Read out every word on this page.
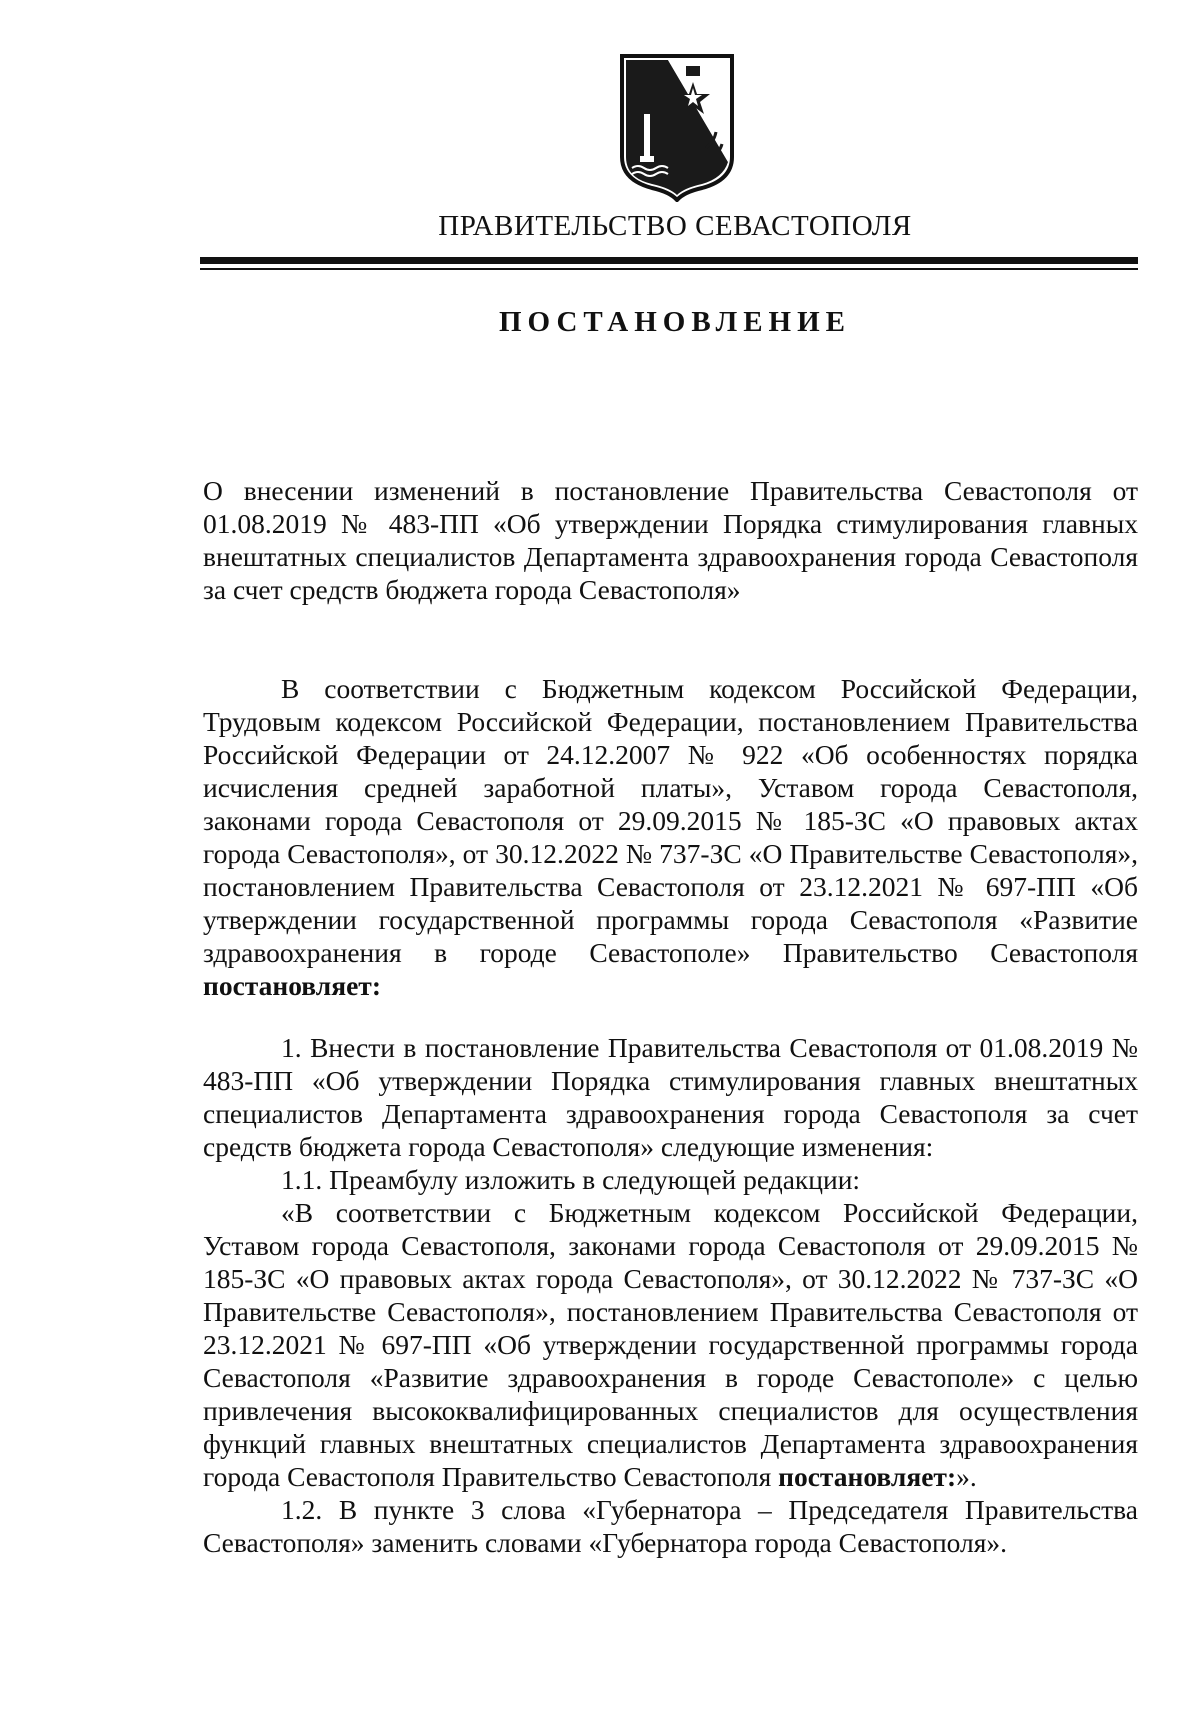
ПРАВИТЕЛЬСТВО СЕВАСТОПОЛЯ
ПОСТАНОВЛЕНИЕ
О внесении изменений в постановление Правительства Севастополя от 01.08.2019 № 483-ПП «Об утверждении Порядка стимулирования главных внештатных специалистов Департамента здравоохранения города Севастополя за счет средств бюджета города Севастополя»
В соответствии с Бюджетным кодексом Российской Федерации, Трудовым кодексом Российской Федерации, постановлением Правительства Российской Федерации от 24.12.2007 № 922 «Об особенностях порядка исчисления средней заработной платы», Уставом города Севастополя, законами города Севастополя от 29.09.2015 № 185-ЗС «О правовых актах города Севастополя», от 30.12.2022 № 737-ЗС «О Правительстве Севастополя», постановлением Правительства Севастополя от 23.12.2021 № 697-ПП «Об утверждении государственной программы города Севастополя «Развитие здравоохранения в городе Севастополе» Правительство Севастополя постановляет:

1. Внести в постановление Правительства Севастополя от 01.08.2019 № 483-ПП «Об утверждении Порядка стимулирования главных внештатных специалистов Департамента здравоохранения города Севастополя за счет средств бюджета города Севастополя» следующие изменения:

1.1. Преамбулу изложить в следующей редакции:

«В соответствии с Бюджетным кодексом Российской Федерации, Уставом города Севастополя, законами города Севастополя от 29.09.2015 № 185-ЗС «О правовых актах города Севастополя», от 30.12.2022 № 737-ЗС «О Правительстве Севастополя», постановлением Правительства Севастополя от 23.12.2021 № 697-ПП «Об утверждении государственной программы города Севастополя «Развитие здравоохранения в городе Севастополе» с целью привлечения высококвалифицированных специалистов для осуществления функций главных внештатных специалистов Департамента здравоохранения города Севастополя Правительство Севастополя постановляет:».

1.2. В пункте 3 слова «Губернатора – Председателя Правительства Севастополя» заменить словами «Губернатора города Севастополя».
